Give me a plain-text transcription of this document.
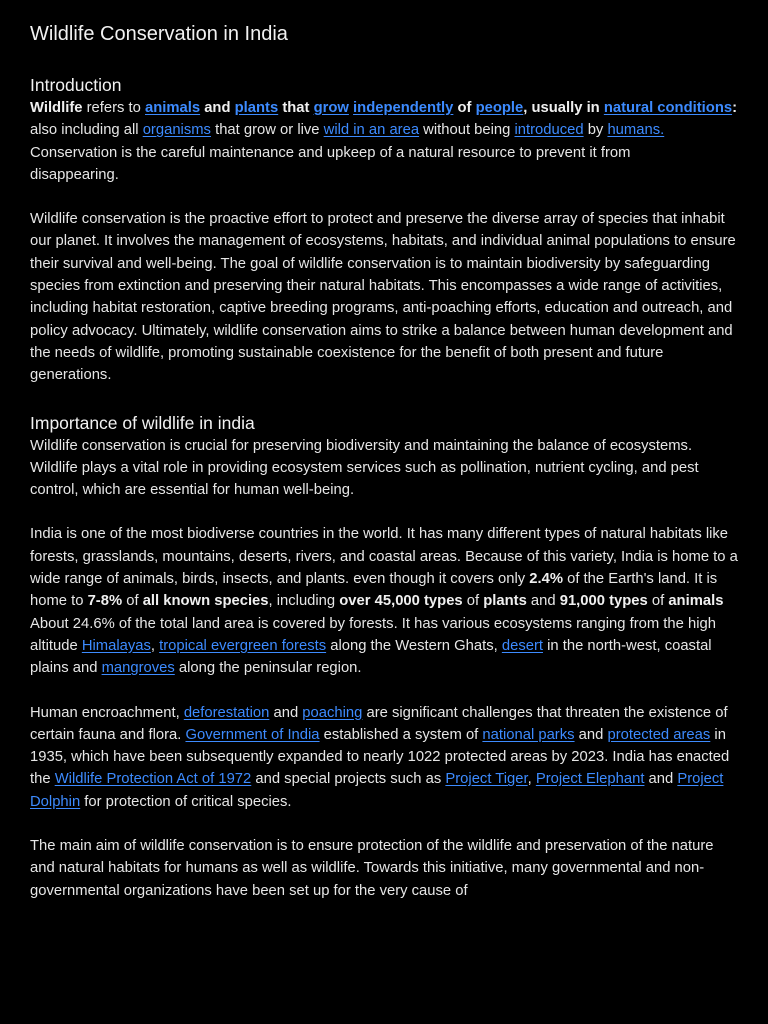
Wildlife Conservation in India
Introduction

Wildlife refers to animals and plants that grow independently of people, usually in natural conditions: also including all organisms that grow or live wild in an area without being introduced by humans. Conservation is the careful maintenance and upkeep of a natural resource to prevent it from
disappearing.

Wildlife conservation is the proactive effort to protect and preserve the diverse array of species that inhabit our planet. It involves the management of ecosystems, habitats, and individual animal populations to ensure their survival and well-being. The goal of wildlife conservation is to maintain biodiversity by safeguarding species from extinction and preserving their natural habitats. This encompasses a wide range of activities, including habitat restoration, captive breeding programs, anti-poaching efforts, education and outreach, and policy advocacy. Ultimately, wildlife conservation aims to strike a balance between human development and the needs of wildlife, promoting sustainable coexistence for the benefit of both present and future generations.

Importance of wildlife in india

Wildlife conservation is crucial for preserving biodiversity and maintaining the balance of ecosystems. Wildlife plays a vital role in providing ecosystem services such as pollination, nutrient cycling, and pest control, which are essential for human well-being.

India is one of the most biodiverse countries in the world. It has many different types of natural habitats like forests, grasslands, mountains, deserts, rivers, and coastal areas. Because of this variety, India is home to a wide range of animals, birds, insects, and plants. even though it covers only 2.4% of the Earth's land. It is home to 7-8% of all known species, including over 45,000 types of plants and 91,000 types of animals About 24.6% of the total land area is covered by forests. It has various ecosystems ranging from the high altitude Himalayas, tropical evergreen forests along the Western Ghats, desert in the north-west, coastal plains and mangroves along the peninsular region.

Human encroachment, deforestation and poaching are significant challenges that threaten the existence of certain fauna and flora. Government of India established a system of national parks and protected areas in 1935, which have been subsequently expanded to nearly 1022 protected areas by 2023. India has enacted the Wildlife Protection Act of 1972 and special projects such as Project Tiger, Project Elephant and Project Dolphin for protection of critical species.

The main aim of wildlife conservation is to ensure protection of the wildlife and preservation of the nature and natural habitats for humans as well as wildlife. Towards this initiative, many governmental and non-governmental organizations have been set up for the very cause of
